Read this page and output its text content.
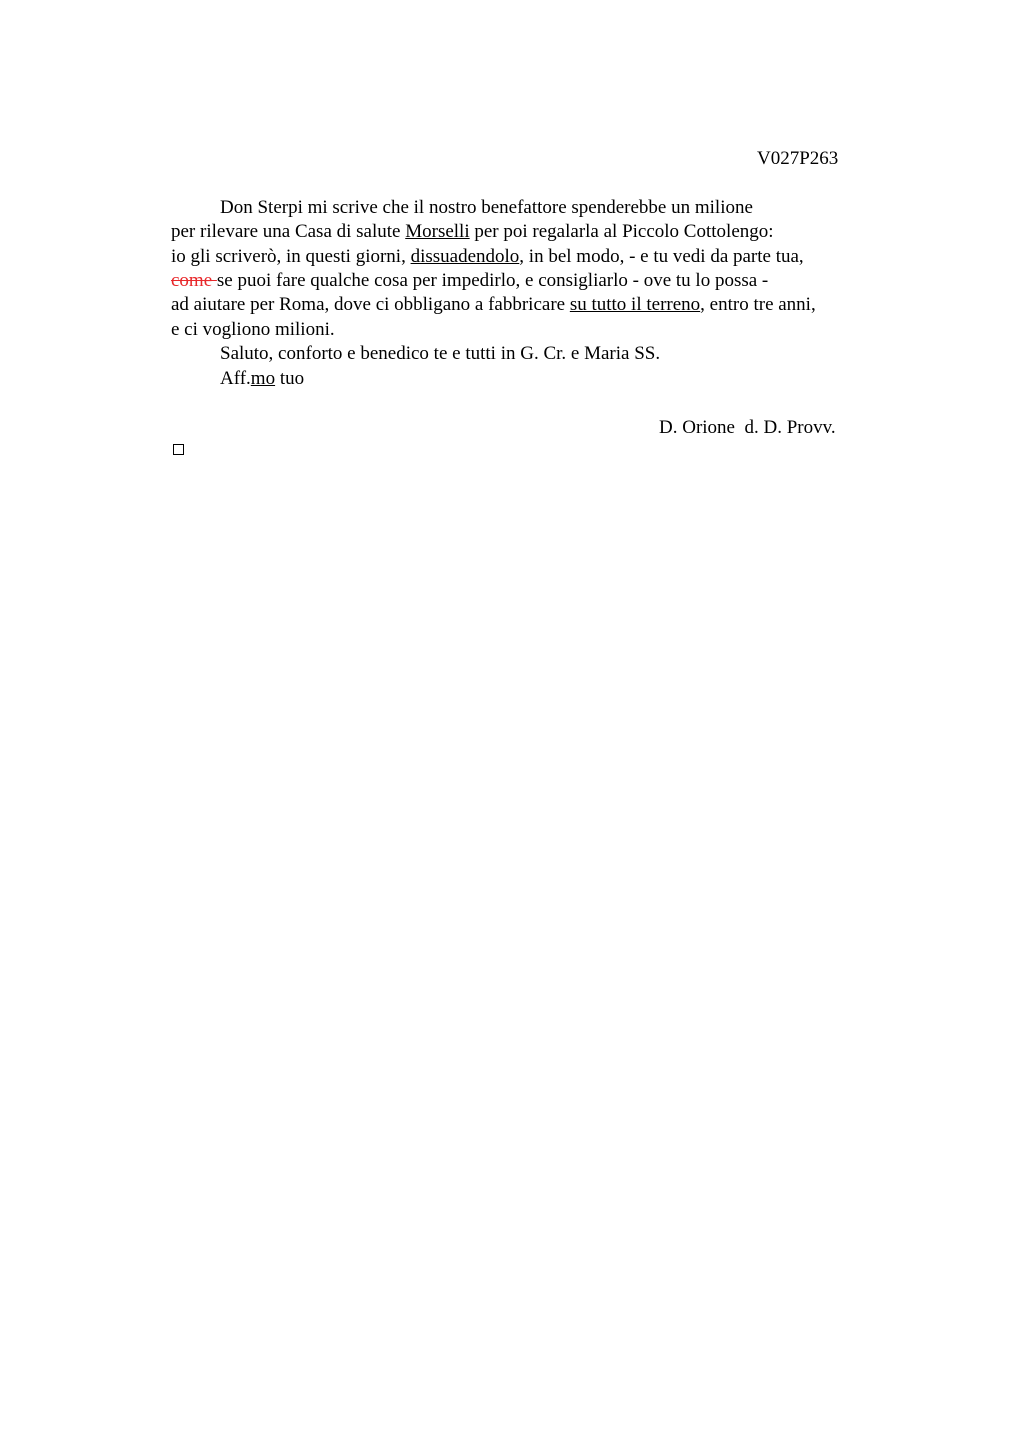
V027P263
Don Sterpi mi scrive che il nostro benefattore spenderebbe un milione
per rilevare una Casa di salute Morselli per poi regalarla al Piccolo Cottolengo:
io gli scriverò, in questi giorni, dissuadendolo, in bel modo, - e tu vedi da parte tua,
come se puoi fare qualche cosa per impedirlo, e consigliarlo - ove tu lo possa -
ad aiutare per Roma, dove ci obbligano a fabbricare su tutto il terreno, entro tre anni,
e ci vogliono milioni.
Saluto, conforto e benedico te e tutti in G. Cr. e Maria SS.
Aff.mo tuo
D. Orione  d. D. Provv.
